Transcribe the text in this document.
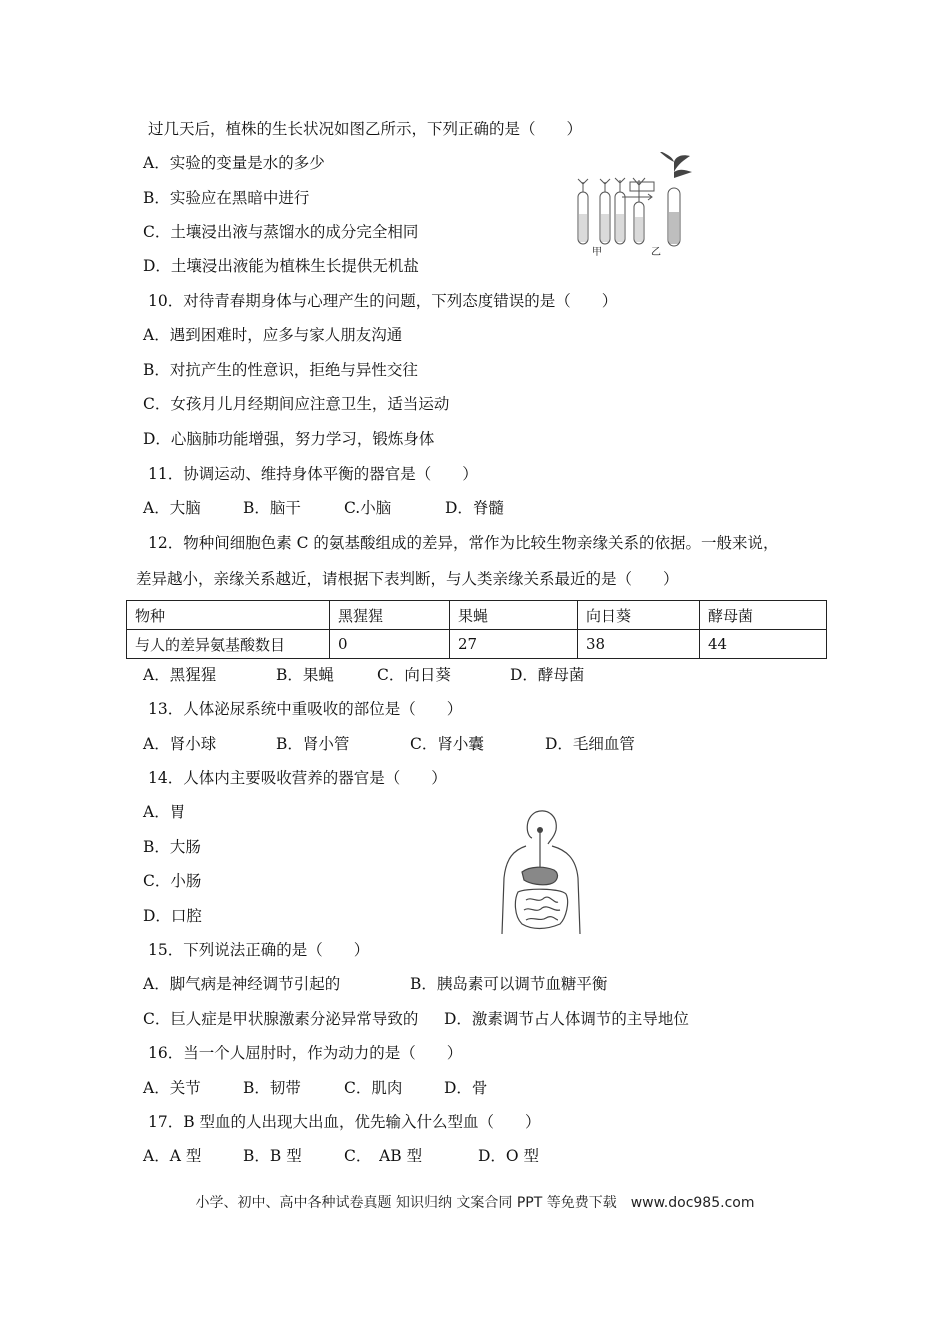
过几天后，植株的生长状况如图乙所示，下列正确的是（　　）
A．实验的变量是水的多少
B．实验应在黑暗中进行
C．土壤浸出液与蒸馏水的成分完全相同
D．土壤浸出液能为植株生长提供无机盐
甲	乙
10．对待青春期身体与心理产生的问题，下列态度错误的是（　　）
A．遇到困难时，应多与家人朋友沟通
B．对抗产生的性意识，拒绝与异性交往
C．女孩月儿月经期间应注意卫生，适当运动
D．心脑肺功能增强，努力学习，锻炼身体
11．协调运动、维持身体平衡的器官是（　　）
A．大脑	B．脑干	C.小脑	D．脊髓
12．物种间细胞色素 C 的氨基酸组成的差异，常作为比较生物亲缘关系的依据。一般来说，
差异越小，亲缘关系越近，请根据下表判断，与人类亲缘关系最近的是（　　）
物种	黑猩猩	果蝇	向日葵	酵母菌
与人的差异氨基酸数目	0	27	38	44
A．黑猩猩	B．果蝇	C．向日葵	D．酵母菌
13．人体泌尿系统中重吸收的部位是（　　）
A．肾小球	B．肾小管	C．肾小囊	D．毛细血管
14．人体内主要吸收营养的器官是（　　）
A．胃
B．大肠
C．小肠
D．口腔
15．下列说法正确的是（　　）
A．脚气病是神经调节引起的	B．胰岛素可以调节血糖平衡
C．巨人症是甲状腺激素分泌异常导致的 D．激素调节占人体调节的主导地位
16．当一个人屈肘时，作为动力的是（　　）
A．关节	B．韧带	C．肌肉	D．骨
17．B 型血的人出现大出血，优先输入什么型血（　　）
A．A 型	B．B 型	C．　AB 型	D．O 型
小学、初中、高中各种试卷真题 知识归纳 文案合同 PPT 等免费下载　www.doc985.com
